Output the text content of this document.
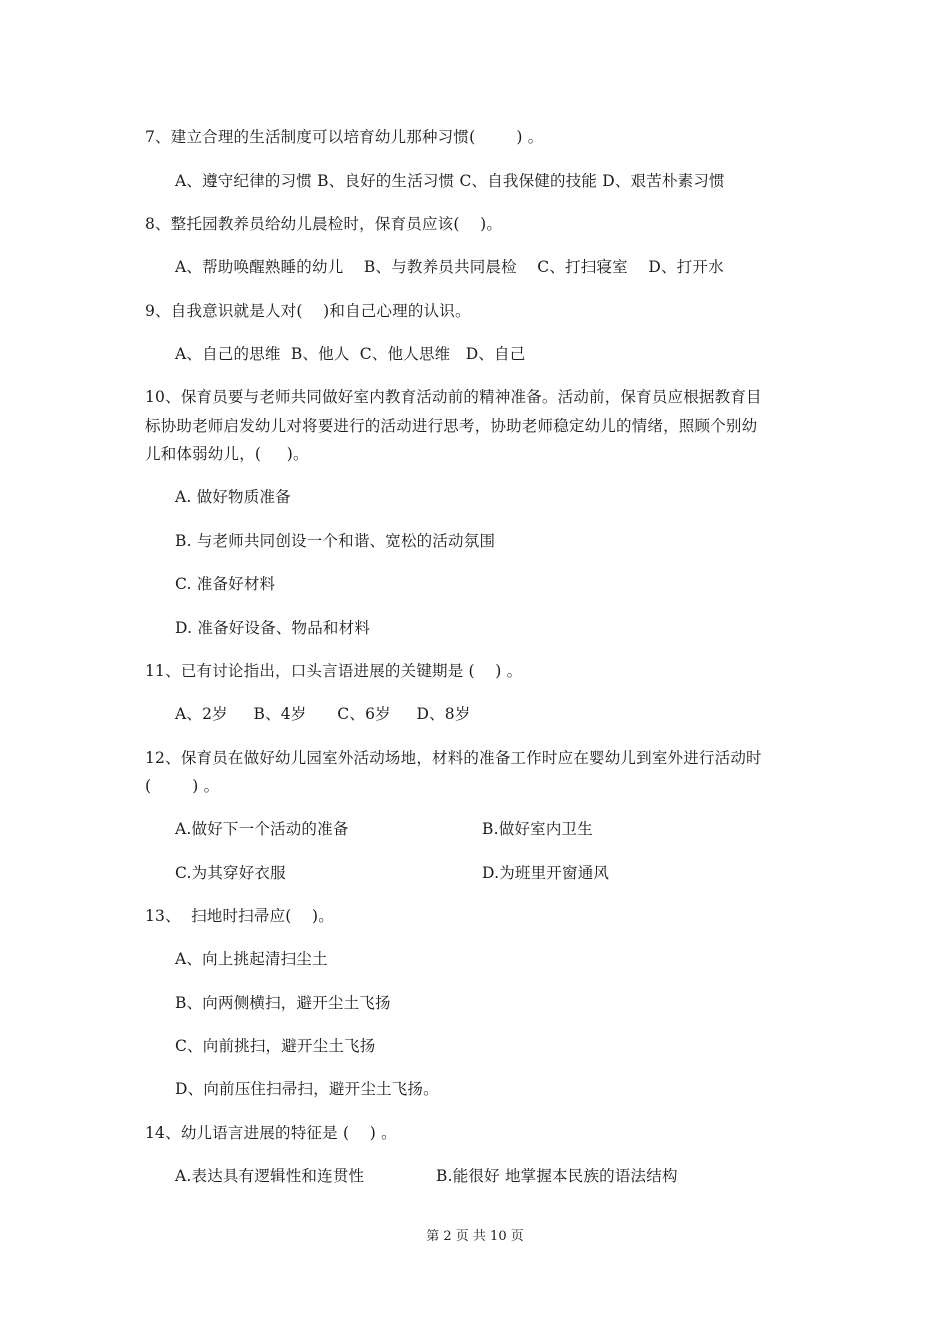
7、建立合理的生活制度可以培育幼儿那种习惯(        ) 。
A、遵守纪律的习惯 B、良好的生活习惯 C、自我保健的技能 D、艰苦朴素习惯
8、整托园教养员给幼儿晨检时，保育员应该(    )。
A、帮助唤醒熟睡的幼儿    B、与教养员共同晨检    C、打扫寝室    D、打开水
9、自我意识就是人对(    )和自己心理的认识。
A、自己的思维  B、他人  C、他人思维   D、自己
10、保育员要与老师共同做好室内教育活动前的精神准备。活动前，保育员应根据教育目
标协助老师启发幼儿对将要进行的活动进行思考，协助老师稳定幼儿的情绪，照顾个别幼
儿和体弱幼儿，(     )。
A. 做好物质准备
B. 与老师共同创设一个和谐、宽松的活动氛围
C. 准备好材料
D. 准备好设备、物品和材料
11、已有讨论指出，口头言语进展的关键期是 (    ) 。
A、2岁     B、4岁      C、6岁     D、8岁
12、保育员在做好幼儿园室外活动场地，材料的准备工作时应在婴幼儿到室外进行活动时
(        ) 。
A.做好下一个活动的准备	B.做好室内卫生
C.为其穿好衣服	D.为班里开窗通风
13、  扫地时扫帚应(    )。
A、向上挑起清扫尘土
B、向两侧横扫，避开尘土飞扬
C、向前挑扫，避开尘土飞扬
D、向前压住扫帚扫，避开尘土飞扬。
14、幼儿语言进展的特征是 (    ) 。
A.表达具有逻辑性和连贯性	B.能很好 地掌握本民族的语法结构
第 2 页 共 10 页
